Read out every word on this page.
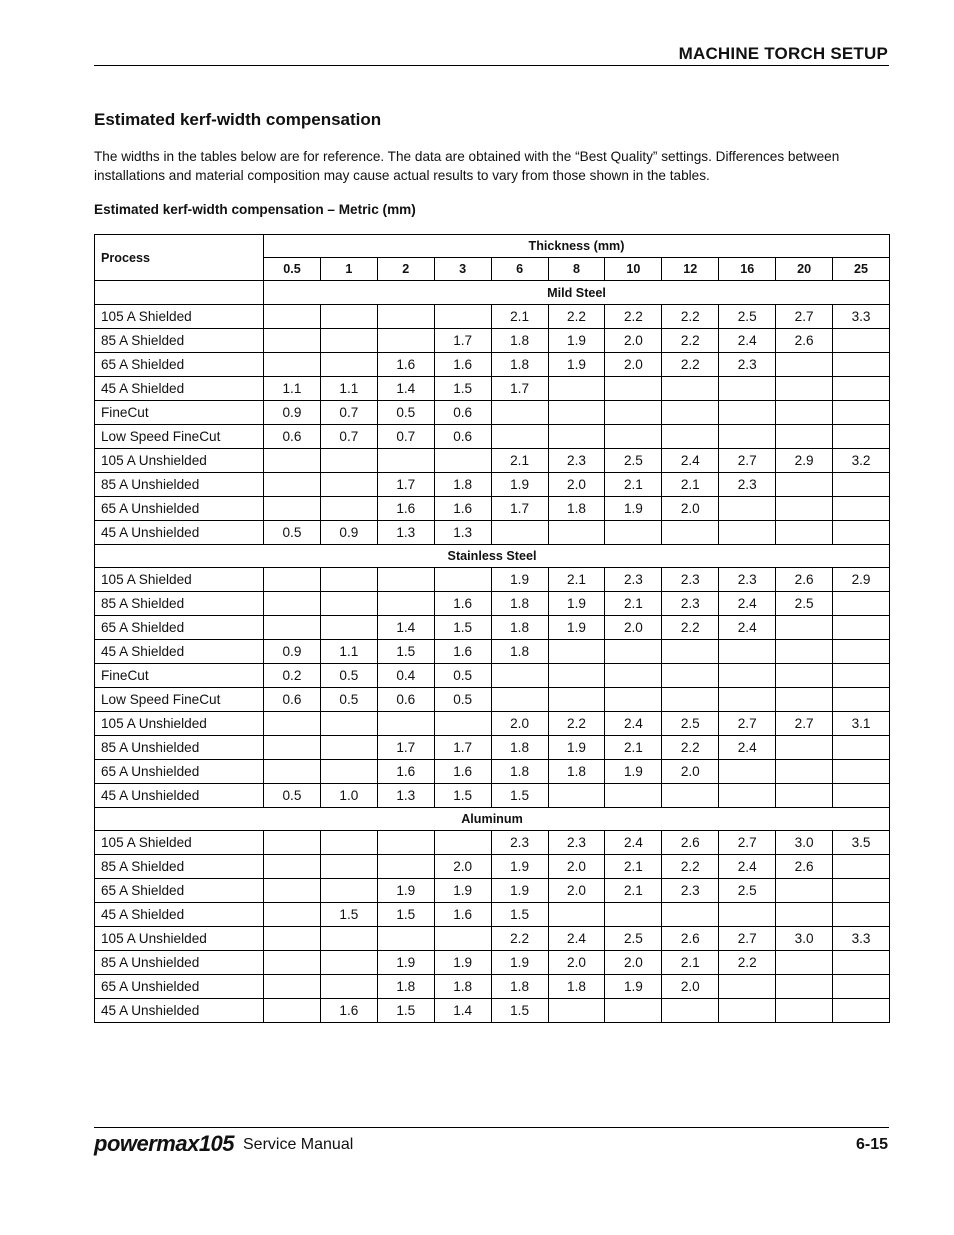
MACHINE TORCH SETUP
Estimated kerf-width compensation
The widths in the tables below are for reference. The data are obtained with the “Best Quality” settings. Differences between installations and material composition may cause actual results to vary from those shown in the tables.
Estimated kerf-width compensation – Metric (mm)
Process	Thickness (mm)										
	0.5	1	2	3	6	8	10	12	16	20	25
	Mild Steel										
105 A Shielded					2.1	2.2	2.2	2.2	2.5	2.7	3.3
85 A Shielded				1.7	1.8	1.9	2.0	2.2	2.4	2.6	
65 A Shielded			1.6	1.6	1.8	1.9	2.0	2.2	2.3		
45 A Shielded	1.1	1.1	1.4	1.5	1.7						
FineCut	0.9	0.7	0.5	0.6							
Low Speed FineCut	0.6	0.7	0.7	0.6							
105 A Unshielded					2.1	2.3	2.5	2.4	2.7	2.9	3.2
85 A Unshielded			1.7	1.8	1.9	2.0	2.1	2.1	2.3		
65 A Unshielded			1.6	1.6	1.7	1.8	1.9	2.0			
45 A Unshielded	0.5	0.9	1.3	1.3							
Stainless Steel											
105 A Shielded					1.9	2.1	2.3	2.3	2.3	2.6	2.9
85 A Shielded				1.6	1.8	1.9	2.1	2.3	2.4	2.5	
65 A Shielded			1.4	1.5	1.8	1.9	2.0	2.2	2.4		
45 A Shielded	0.9	1.1	1.5	1.6	1.8						
FineCut	0.2	0.5	0.4	0.5							
Low Speed FineCut	0.6	0.5	0.6	0.5							
105 A Unshielded					2.0	2.2	2.4	2.5	2.7	2.7	3.1
85 A Unshielded			1.7	1.7	1.8	1.9	2.1	2.2	2.4		
65 A Unshielded			1.6	1.6	1.8	1.8	1.9	2.0			
45 A Unshielded	0.5	1.0	1.3	1.5	1.5						
Aluminum											
105 A Shielded					2.3	2.3	2.4	2.6	2.7	3.0	3.5
85 A Shielded				2.0	1.9	2.0	2.1	2.2	2.4	2.6	
65 A Shielded			1.9	1.9	1.9	2.0	2.1	2.3	2.5		
45 A Shielded		1.5	1.5	1.6	1.5						
105 A Unshielded					2.2	2.4	2.5	2.6	2.7	3.0	3.3
85 A Unshielded			1.9	1.9	1.9	2.0	2.0	2.1	2.2		
65 A Unshielded			1.8	1.8	1.8	1.8	1.9	2.0			
45 A Unshielded		1.6	1.5	1.4	1.5						
powermax105 Service Manual	6-15
